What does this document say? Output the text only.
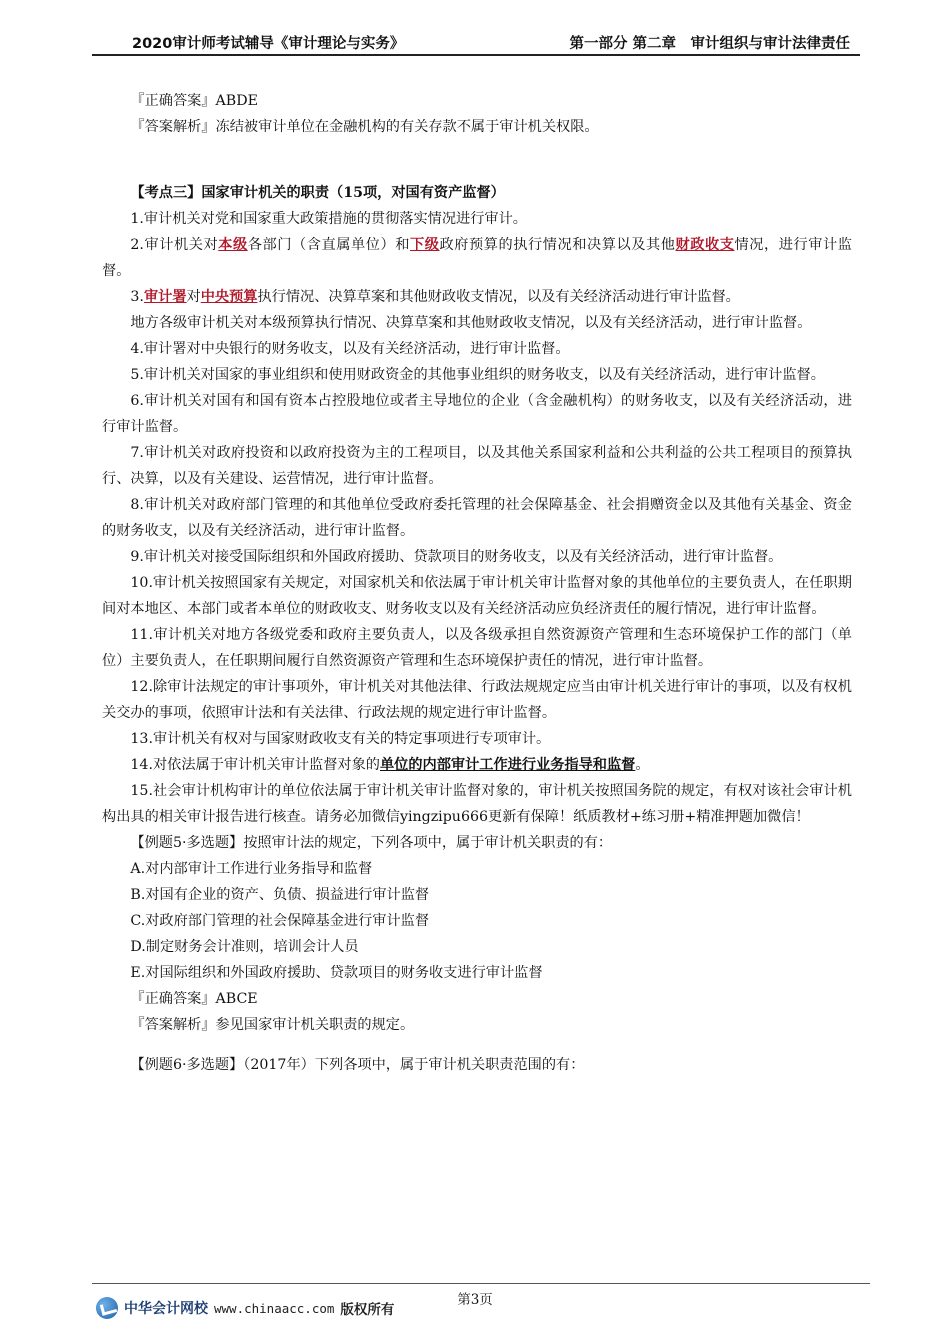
2020审计师考试辅导《审计理论与实务》	第一部分 第二章　审计组织与审计法律责任

『正确答案』ABDE

『答案解析』冻结被审计单位在金融机构的有关存款不属于审计机关权限。

【考点三】国家审计机关的职责（15项，对国有资产监督）

1.审计机关对党和国家重大政策措施的贯彻落实情况进行审计。

2.审计机关对本级各部门（含直属单位）和下级政府预算的执行情况和决算以及其他财政收支情况，进行审计监督。

3.审计署对中央预算执行情况、决算草案和其他财政收支情况，以及有关经济活动进行审计监督。

地方各级审计机关对本级预算执行情况、决算草案和其他财政收支情况，以及有关经济活动，进行审计监督。

4.审计署对中央银行的财务收支，以及有关经济活动，进行审计监督。

5.审计机关对国家的事业组织和使用财政资金的其他事业组织的财务收支，以及有关经济活动，进行审计监督。

6.审计机关对国有和国有资本占控股地位或者主导地位的企业（含金融机构）的财务收支，以及有关经济活动，进行审计监督。

7.审计机关对政府投资和以政府投资为主的工程项目，以及其他关系国家利益和公共利益的公共工程项目的预算执行、决算，以及有关建设、运营情况，进行审计监督。

8.审计机关对政府部门管理的和其他单位受政府委托管理的社会保障基金、社会捐赠资金以及其他有关基金、资金的财务收支，以及有关经济活动，进行审计监督。

9.审计机关对接受国际组织和外国政府援助、贷款项目的财务收支，以及有关经济活动，进行审计监督。

10.审计机关按照国家有关规定，对国家机关和依法属于审计机关审计监督对象的其他单位的主要负责人，在任职期间对本地区、本部门或者本单位的财政收支、财务收支以及有关经济活动应负经济责任的履行情况，进行审计监督。

11.审计机关对地方各级党委和政府主要负责人，以及各级承担自然资源资产管理和生态环境保护工作的部门（单位）主要负责人，在任职期间履行自然资源资产管理和生态环境保护责任的情况，进行审计监督。

12.除审计法规定的审计事项外，审计机关对其他法律、行政法规规定应当由审计机关进行审计的事项，以及有权机关交办的事项，依照审计法和有关法律、行政法规的规定进行审计监督。

13.审计机关有权对与国家财政收支有关的特定事项进行专项审计。

14.对依法属于审计机关审计监督对象的单位的内部审计工作进行业务指导和监督。

15.社会审计机构审计的单位依法属于审计机关审计监督对象的，审计机关按照国务院的规定，有权对该社会审计机构出具的相关审计报告进行核查。请务必加微信yingzipu666更新有保障！纸质教材+练习册+精准押题加微信！

【例题5·多选题】按照审计法的规定，下列各项中，属于审计机关职责的有：

A.对内部审计工作进行业务指导和监督

B.对国有企业的资产、负债、损益进行审计监督

C.对政府部门管理的社会保障基金进行审计监督

D.制定财务会计准则，培训会计人员

E.对国际组织和外国政府援助、贷款项目的财务收支进行审计监督

『正确答案』ABCE

『答案解析』参见国家审计机关职责的规定。

【例题6·多选题】（2017年）下列各项中，属于审计机关职责范围的有：

第3页
中华会计网校 www.chinaacc.com 版权所有
